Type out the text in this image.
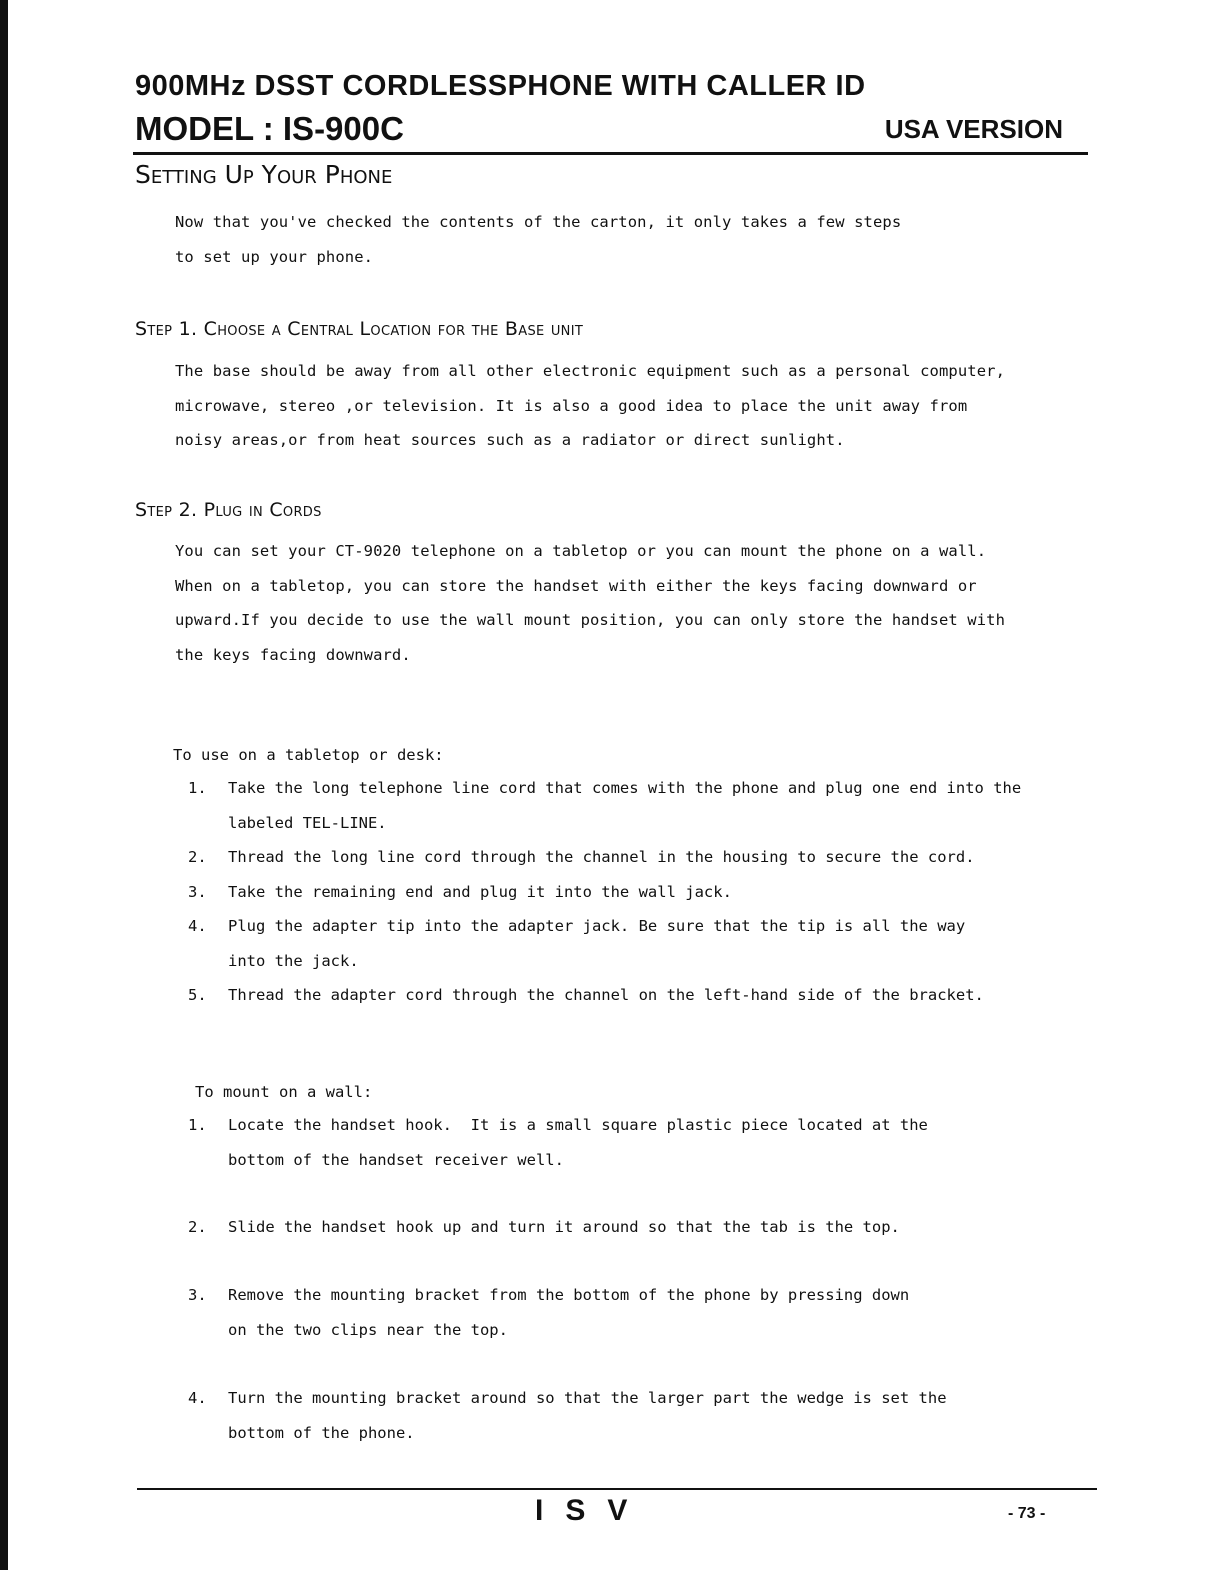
900MHz DSST CORDLESSPHONE WITH CALLER ID
MODEL : IS-900C	USA VERSION
Setting Up Your Phone

Now that you've checked the contents of the carton, it only takes a few steps

to set up your phone.

Step 1. Choose a Central Location for the Base unit

The base should be away from all other electronic equipment such as a personal computer,

microwave, stereo ,or television. It is also a good idea to place the unit away from

noisy areas,or from heat sources such as a radiator or direct sunlight.

Step 2. Plug in Cords

You can set your CT-9020 telephone on a tabletop or you can mount the phone on a wall.

When on a tabletop, you can store the handset with either the keys facing downward or

upward.If you decide to use the wall mount position, you can only store the handset with

the keys facing downward.

To use on a tabletop or desk:
1.	Take the long telephone line cord that comes with the phone and plug one end into the
labeled TEL-LINE.
2.	Thread the long line cord through the channel in the housing to secure the cord.
3.	Take the remaining end and plug it into the wall jack.
4.	Plug the adapter tip into the adapter jack. Be sure that the tip is all the way
into the jack.
5.	Thread the adapter cord through the channel on the left-hand side of the bracket.
To mount on a wall:
1.	Locate the handset hook.  It is a small square plastic piece located at the
bottom of the handset receiver well.
2.	Slide the handset hook up and turn it around so that the tab is the top.
3.	Remove the mounting bracket from the bottom of the phone by pressing down
on the two clips near the top.
4.	Turn the mounting bracket around so that the larger part the wedge is set the
bottom of the phone.
ISV	- 73 -
